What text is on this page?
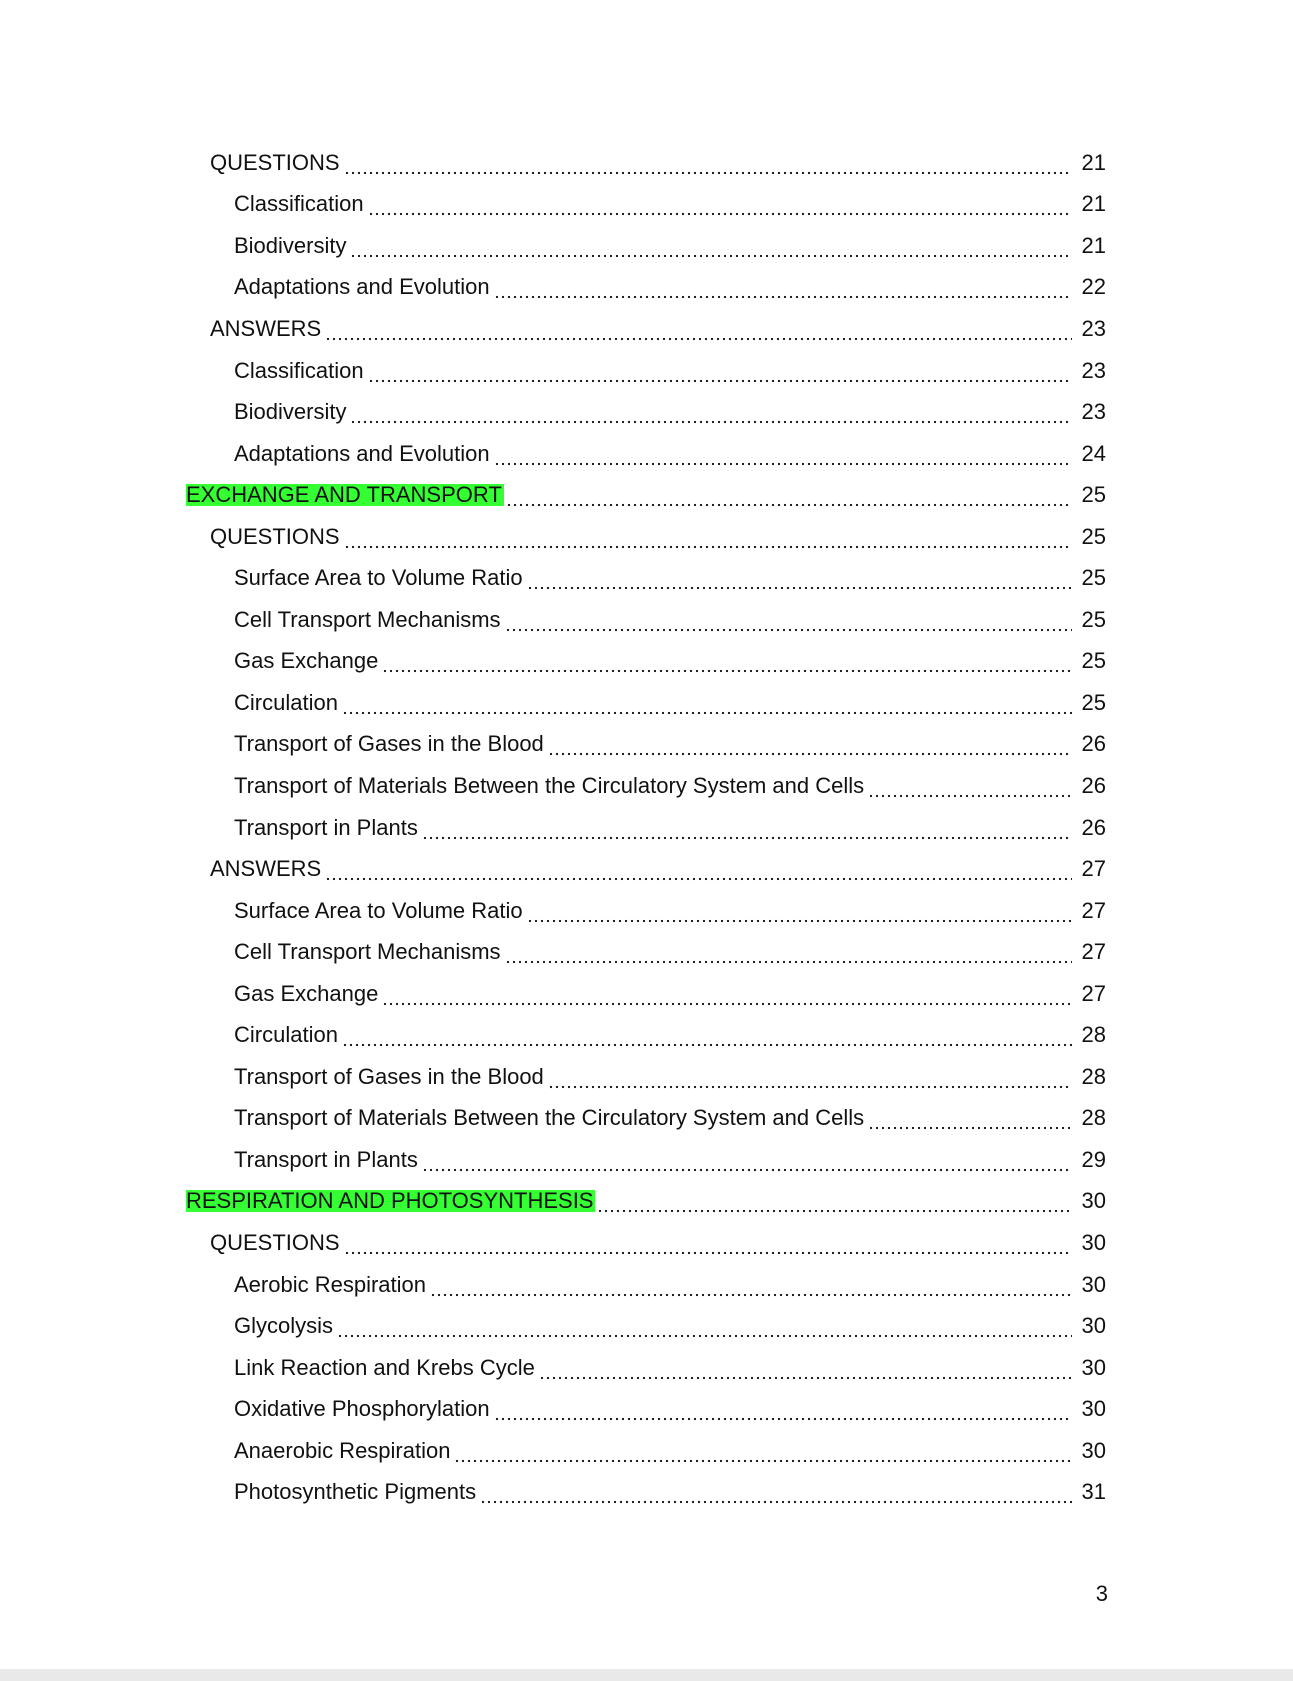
QUESTIONS	21
Classification	21
Biodiversity	21
Adaptations and Evolution	22
ANSWERS	23
Classification	23
Biodiversity	23
Adaptations and Evolution	24
EXCHANGE AND TRANSPORT	25
QUESTIONS	25
Surface Area to Volume Ratio	25
Cell Transport Mechanisms	25
Gas Exchange	25
Circulation	25
Transport of Gases in the Blood	26
Transport of Materials Between the Circulatory System and Cells	26
Transport in Plants	26
ANSWERS	27
Surface Area to Volume Ratio	27
Cell Transport Mechanisms	27
Gas Exchange	27
Circulation	28
Transport of Gases in the Blood	28
Transport of Materials Between the Circulatory System and Cells	28
Transport in Plants	29
RESPIRATION AND PHOTOSYNTHESIS	30
QUESTIONS	30
Aerobic Respiration	30
Glycolysis	30
Link Reaction and Krebs Cycle	30
Oxidative Phosphorylation	30
Anaerobic Respiration	30
Photosynthetic Pigments	31
3
